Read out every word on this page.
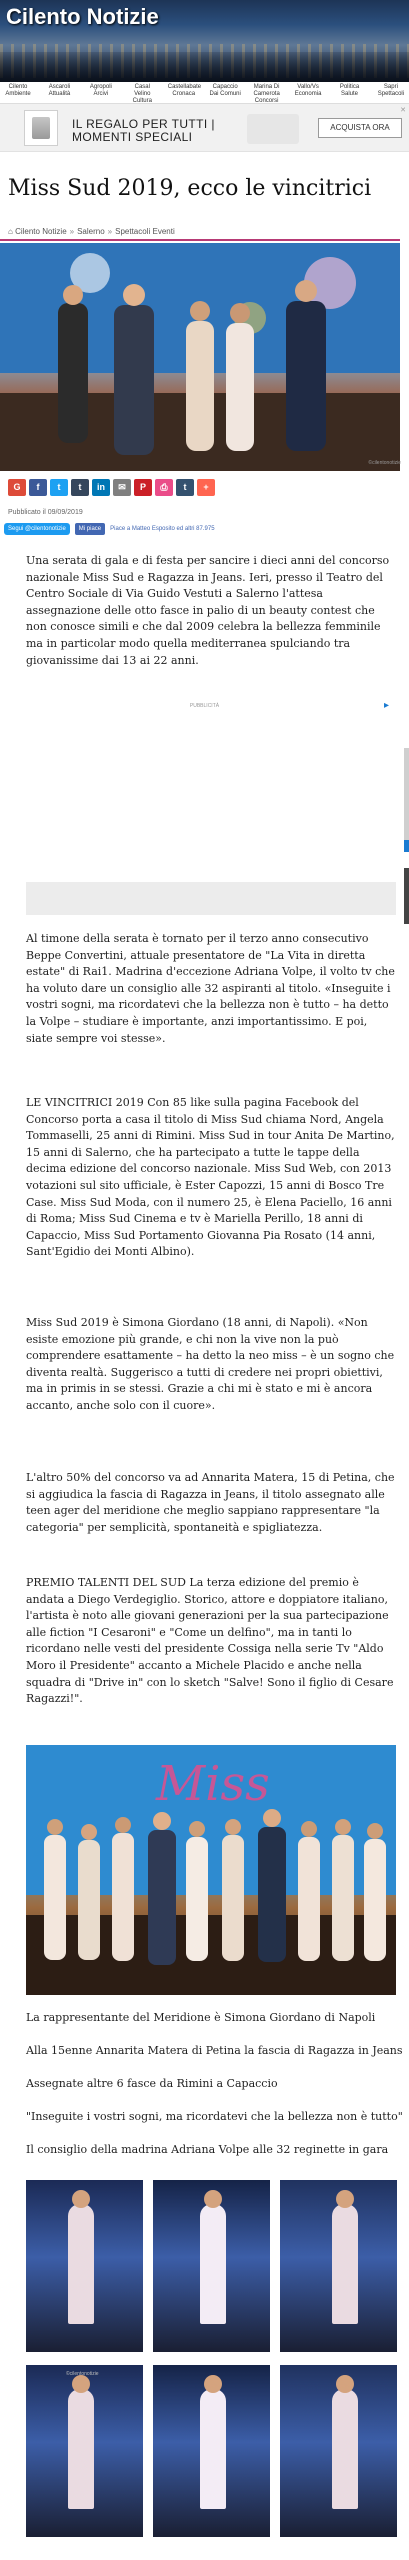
Cilento Notizie
Cilento
Ambiente
Ascaroli
Attualità
Agropoli
Arcivi
Casal Velino
Cultura
Castellabate
Cronaca
Capaccio
Dai Comuni
Marina Di Camerota
Concorsi
Vallo/Vs
Economia
Politica
Salute
Sapri
Spettacoli
IL REGALO PER TUTTI | MOMENTI SPECIALI
ACQUISTA ORA
✕
Miss Sud 2019, ecco le vincitrici
⌂ Cilento Notizie » Salerno » Spettacoli Eventi
©cilentonotizie
G	f	t	t	in	✉	P	⎙	t	+
Pubblicato il 09/09/2019
Segui @cilentonotizie	Mi piace	Piace a Matteo Esposito ed altri 87.975

Una serata di gala e di festa per sancire i dieci anni del concorso nazionale Miss Sud e Ragazza in Jeans. Ieri, presso il Teatro del Centro Sociale di Via Guido Vestuti a Salerno l'attesa assegnazione delle otto fasce in palio di un beauty contest che non conosce simili e che dal 2009 celebra la bellezza femminile ma in particolar modo quella mediterranea spulciando tra giovanissime dai 13 ai 22 anni.

PUBBLICITÀ	▸

Al timone della serata è tornato per il terzo anno consecutivo Beppe Convertini, attuale presentatore de "La Vita in diretta estate" di Rai1. Madrina d'eccezione Adriana Volpe, il volto tv che ha voluto dare un consiglio alle 32 aspiranti al titolo. «Inseguite i vostri sogni, ma ricordatevi che la bellezza non è tutto – ha detto la Volpe – studiare è importante, anzi importantissimo. E poi, siate sempre voi stesse».

LE VINCITRICI 2019 Con 85 like sulla pagina Facebook del Concorso porta a casa il titolo di Miss Sud chiama Nord, Angela Tommaselli, 25 anni di Rimini. Miss Sud in tour Anita De Martino, 15 anni di Salerno, che ha partecipato a tutte le tappe della decima edizione del concorso nazionale. Miss Sud Web, con 2013 votazioni sul sito ufficiale, è Ester Capozzi, 15 anni di Bosco Tre Case. Miss Sud Moda, con il numero 25, è Elena Paciello, 16 anni di Roma; Miss Sud Cinema e tv è Mariella Perillo, 18 anni di Capaccio, Miss Sud Portamento Giovanna Pia Rosato (14 anni, Sant'Egidio dei Monti Albino).

Miss Sud 2019 è Simona Giordano (18 anni, di Napoli). «Non esiste emozione più grande, e chi non la vive non la può comprendere esattamente – ha detto la neo miss – è un sogno che diventa realtà. Suggerisco a tutti di credere nei propri obiettivi, ma in primis in se stessi. Grazie a chi mi è stato e mi è ancora accanto, anche solo con il cuore».

L'altro 50% del concorso va ad Annarita Matera, 15 di Petina, che si aggiudica la fascia di Ragazza in Jeans, il titolo assegnato alle teen ager del meridione che meglio sappiano rappresentare "la categoria" per semplicità, spontaneità e spigliatezza.

PREMIO TALENTI DEL SUD La terza edizione del premio è andata a Diego Verdegiglio. Storico, attore e doppiatore italiano, l'artista è noto alle giovani generazioni per la sua partecipazione alle fiction "I Cesaroni" e "Come un delfino", ma in tanti lo ricordano nelle vesti del presidente Cossiga nella serie Tv "Aldo Moro il Presidente" accanto a Michele Placido e anche nella squadra di "Drive in" con lo sketch "Salve! Sono il figlio di Cesare Ragazzi!".

Miss
La rappresentante del Meridione è Simona Giordano di Napoli
Alla 15enne Annarita Matera di Petina la fascia di Ragazza in Jeans
Assegnate altre 6 fasce da Rimini a Capaccio
"Inseguite i vostri sogni, ma ricordatevi che la bellezza non è tutto"
Il consiglio della madrina Adriana Volpe alle 32 reginette in gara
©cilentonotizie
